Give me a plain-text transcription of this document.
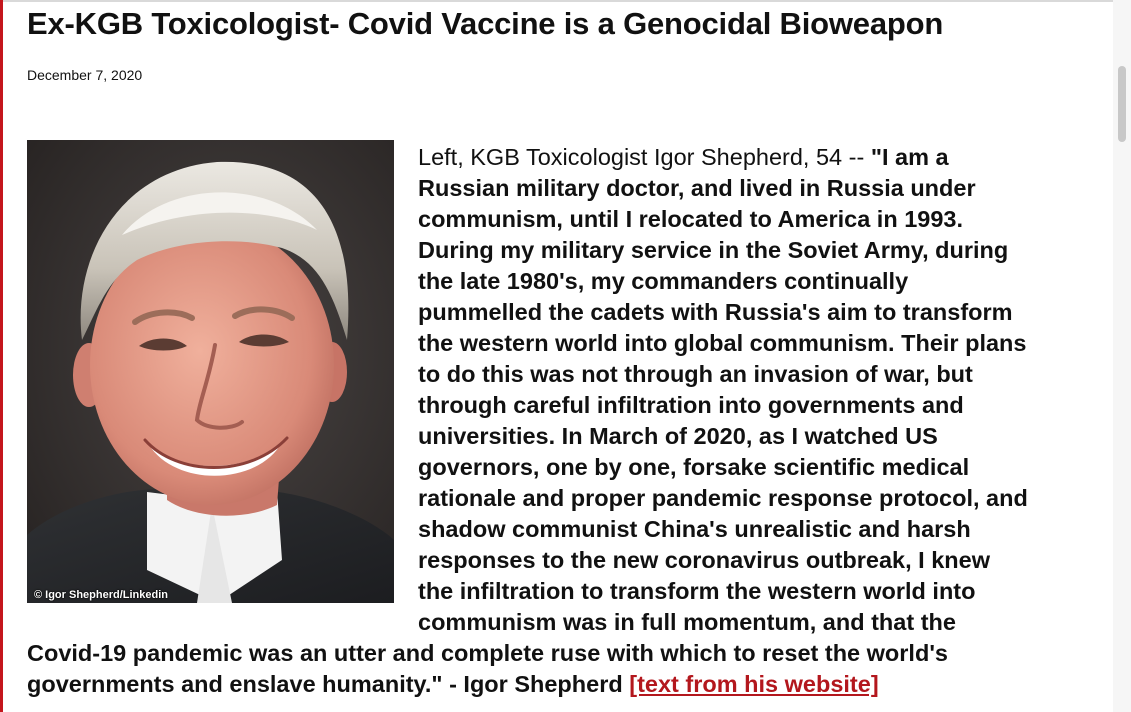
Ex-KGB Toxicologist- Covid Vaccine is a Genocidal Bioweapon
December 7, 2020
© Igor Shepherd/Linkedin
Left, KGB Toxicologist Igor Shepherd, 54 -- "I am a
Russian military doctor, and lived in Russia under
communism, until I relocated to America in 1993.
During my military service in the Soviet Army, during
the late 1980's, my commanders continually
pummelled the cadets with Russia's aim to transform
the western world into global communism. Their plans
to do this was not through an invasion of war, but
through careful infiltration into governments and
universities. In March of 2020, as I watched US
governors, one by one, forsake scientific medical
rationale and proper pandemic response protocol, and
shadow communist China's unrealistic and harsh
responses to the new coronavirus outbreak, I knew
the infiltration to transform the western world into
communism was in full momentum, and that the
Covid-19 pandemic was an utter and complete ruse with which to reset the world's
governments and enslave humanity." - Igor Shepherd [text from his website]
